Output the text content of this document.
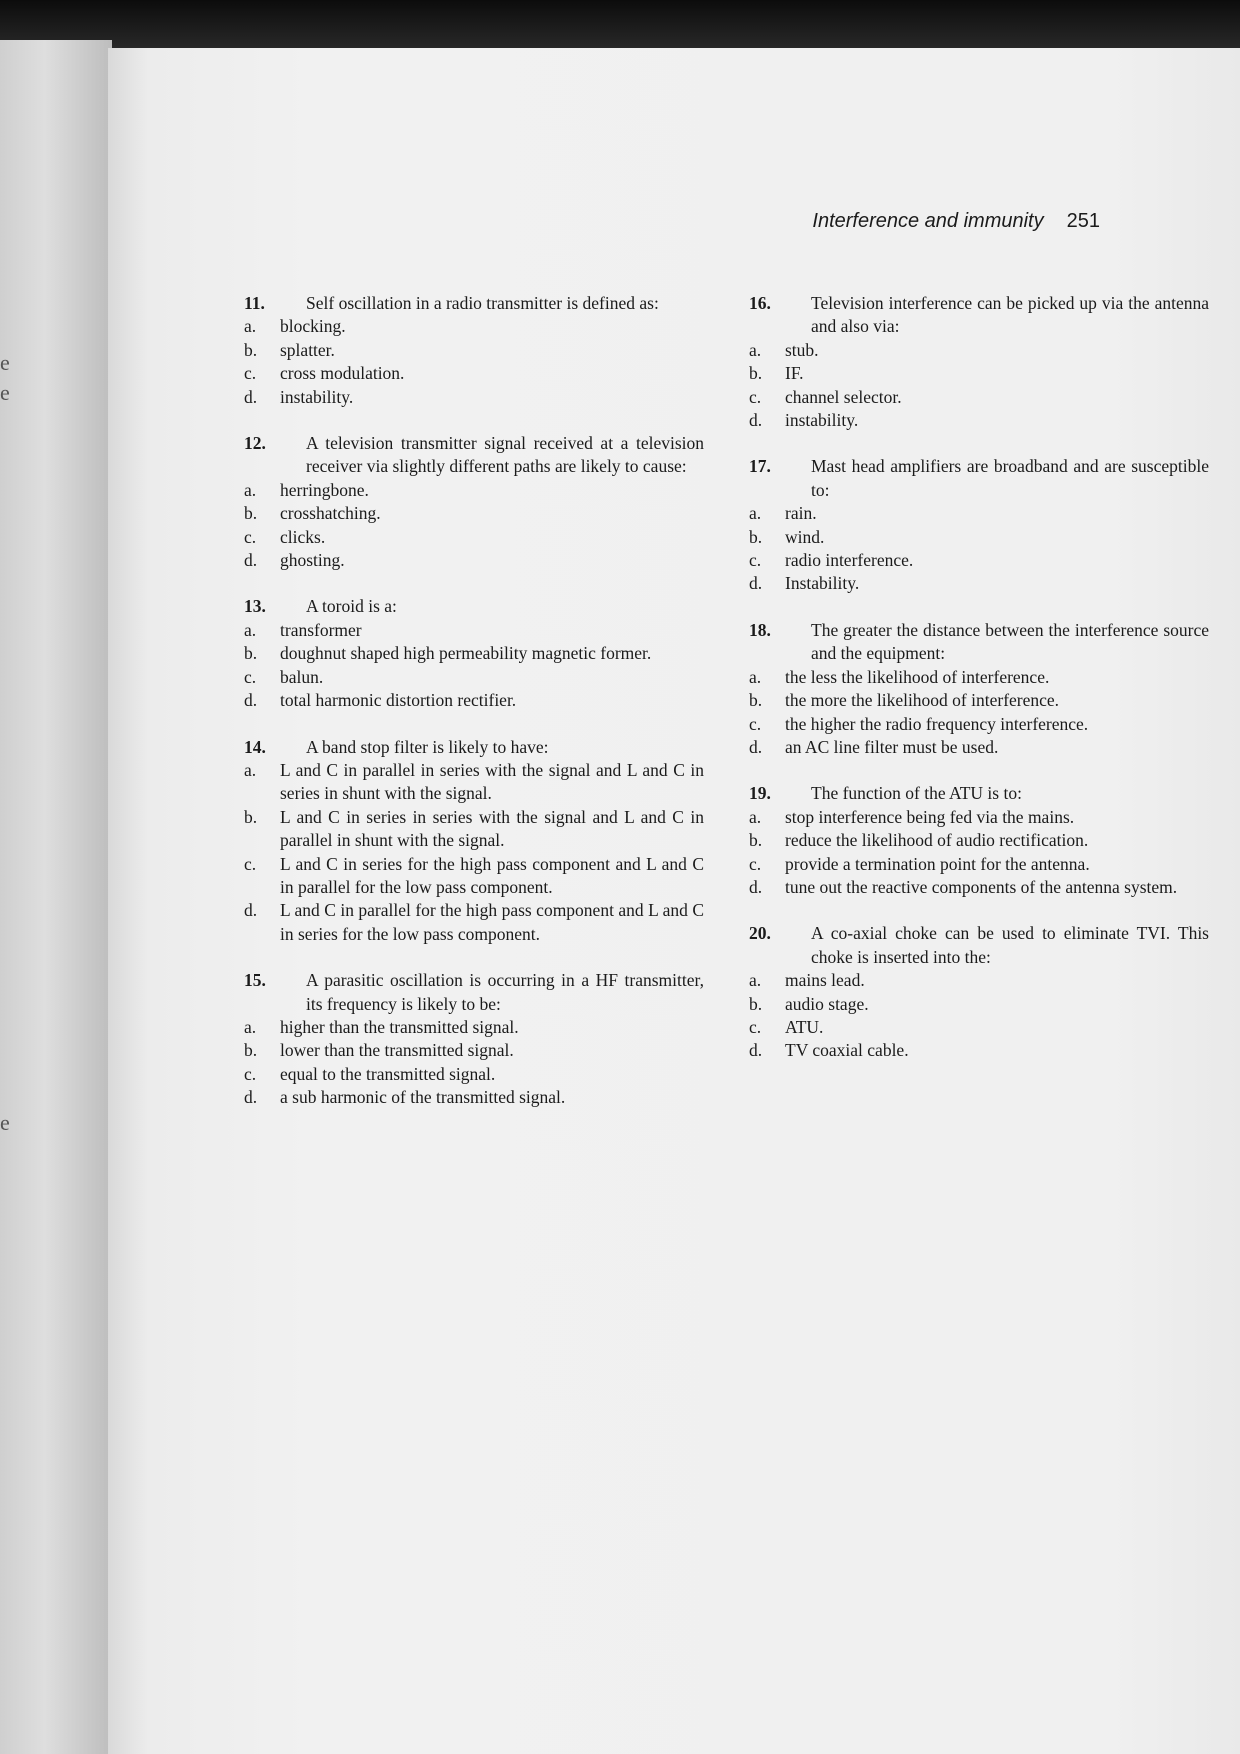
e
e
e
Interference and immunity 251
11.	Self oscillation in a radio transmitter is defined as:
a.	blocking.
b.	splatter.
c.	cross modulation.
d.	instability.
12.	A television transmitter signal received at a television receiver via slightly different paths are likely to cause:
a.	herringbone.
b.	crosshatching.
c.	clicks.
d.	ghosting.
13.	A toroid is a:
a.	transformer
b.	doughnut shaped high permeability magnetic former.
c.	balun.
d.	total harmonic distortion rectifier.
14.	A band stop filter is likely to have:
a.	L and C in parallel in series with the signal and L and C in series in shunt with the signal.
b.	L and C in series in series with the signal and L and C in parallel in shunt with the signal.
c.	L and C in series for the high pass component and L and C in parallel for the low pass component.
d.	L and C in parallel for the high pass component and L and C in series for the low pass component.
15.	A parasitic oscillation is occurring in a HF transmitter, its frequency is likely to be:
a.	higher than the transmitted signal.
b.	lower than the transmitted signal.
c.	equal to the transmitted signal.
d.	a sub harmonic of the transmitted signal.
16.	Television interference can be picked up via the antenna and also via:
a.	stub.
b.	IF.
c.	channel selector.
d.	instability.
17.	Mast head amplifiers are broadband and are susceptible to:
a.	rain.
b.	wind.
c.	radio interference.
d.	Instability.
18.	The greater the distance between the interference source and the equipment:
a.	the less the likelihood of interference.
b.	the more the likelihood of interference.
c.	the higher the radio frequency interference.
d.	an AC line filter must be used.
19.	The function of the ATU is to:
a.	stop interference being fed via the mains.
b.	reduce the likelihood of audio rectification.
c.	provide a termination point for the antenna.
d.	tune out the reactive components of the antenna system.
20.	A co-axial choke can be used to eliminate TVI. This choke is inserted into the:
a.	mains lead.
b.	audio stage.
c.	ATU.
d.	TV coaxial cable.
